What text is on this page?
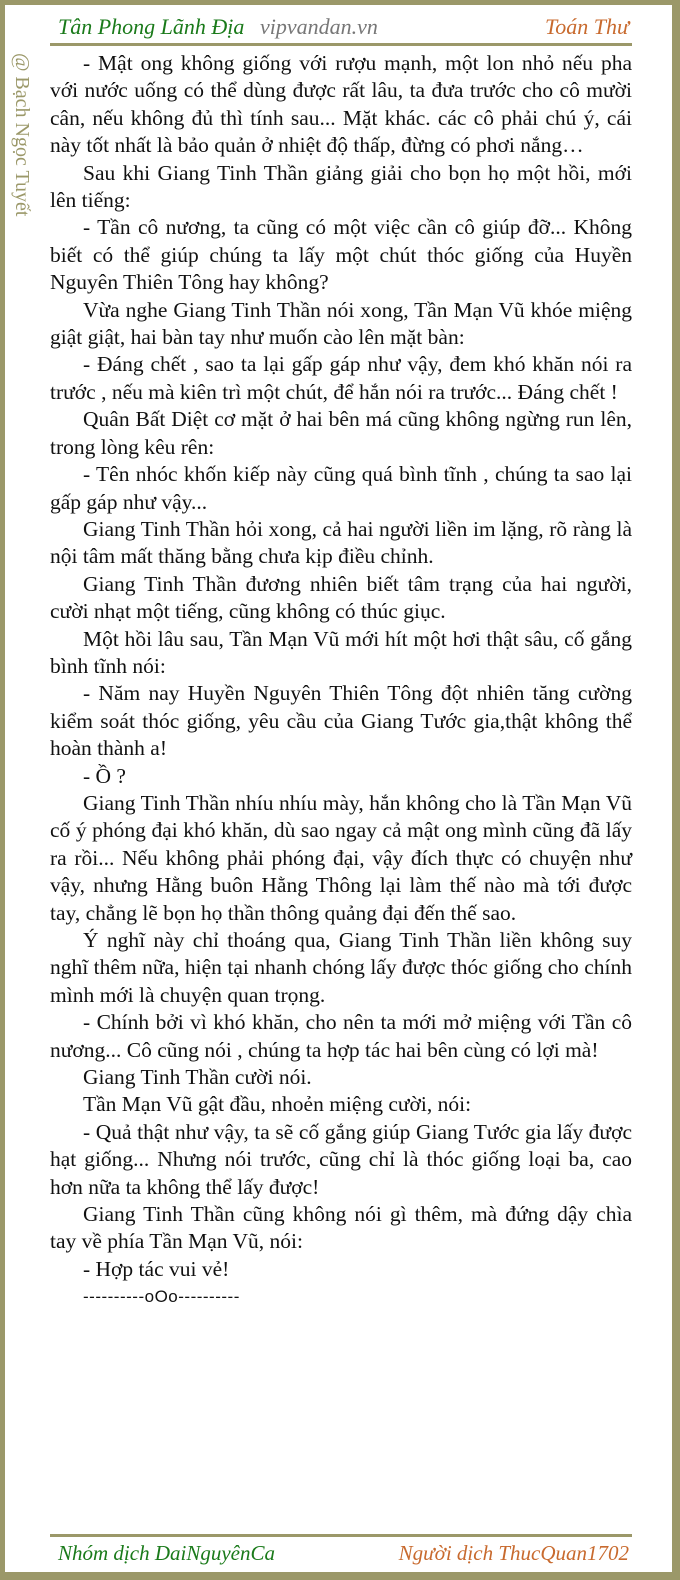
Tân Phong Lãnh Địa vipvandan.vn	Toán Thư
@ Bạch Ngọc Tuyết	- Mật ong không giống với rượu mạnh, một lon nhỏ nếu pha với nước uống có thể dùng được rất lâu, ta đưa trước cho cô mười cân, nếu không đủ thì tính sau... Mặt khác. các cô phải chú ý, cái này tốt nhất là bảo quản ở nhiệt độ thấp, đừng có phơi nắng…

Sau khi Giang Tinh Thần giảng giải cho bọn họ một hồi, mới lên tiếng:

- Tần cô nương, ta cũng có một việc cần cô giúp đỡ... Không biết có thể giúp chúng ta lấy một chút thóc giống của Huyền Nguyên Thiên Tông hay không?

Vừa nghe Giang Tinh Thần nói xong, Tần Mạn Vũ khóe miệng giật giật, hai bàn tay như muốn cào lên mặt bàn:

- Đáng chết , sao ta lại gấp gáp như vậy, đem khó khăn nói ra trước , nếu mà kiên trì một chút, để hắn nói ra trước... Đáng chết !

Quân Bất Diệt cơ mặt ở hai bên má cũng không ngừng run lên, trong lòng kêu rên:

- Tên nhóc khốn kiếp này cũng quá bình tĩnh , chúng ta sao lại gấp gáp như vậy...

Giang Tinh Thần hỏi xong, cả hai người liền im lặng, rõ ràng là nội tâm mất thăng bằng chưa kịp điều chỉnh.

Giang Tinh Thần đương nhiên biết tâm trạng của hai người, cười nhạt một tiếng, cũng không có thúc giục.

Một hồi lâu sau, Tần Mạn Vũ mới hít một hơi thật sâu, cố gắng bình tĩnh nói:

- Năm nay Huyền Nguyên Thiên Tông đột nhiên tăng cường kiểm soát thóc giống, yêu cầu của Giang Tước gia,thật không thể hoàn thành a!

- Ồ ?

Giang Tinh Thần nhíu nhíu mày, hắn không cho là Tần Mạn Vũ cố ý phóng đại khó khăn, dù sao ngay cả mật ong mình cũng đã lấy ra rồi... Nếu không phải phóng đại, vậy đích thực có chuyện như vậy, nhưng Hằng buôn Hằng Thông lại làm thế nào mà tới được tay, chẳng lẽ bọn họ thần thông quảng đại đến thế sao.

Ý nghĩ này chỉ thoáng qua, Giang Tinh Thần liền không suy nghĩ thêm nữa, hiện tại nhanh chóng lấy được thóc giống cho chính mình mới là chuyện quan trọng.

- Chính bởi vì khó khăn, cho nên ta mới mở miệng với Tần cô nương... Cô cũng nói , chúng ta hợp tác hai bên cùng có lợi mà!

Giang Tinh Thần cười nói.

Tần Mạn Vũ gật đầu, nhoẻn miệng cười, nói:

- Quả thật như vậy, ta sẽ cố gắng giúp Giang Tước gia lấy được hạt giống... Nhưng nói trước, cũng chỉ là thóc giống loại ba, cao hơn nữa ta không thể lấy được!

Giang Tinh Thần cũng không nói gì thêm, mà đứng dậy chìa tay về phía Tần Mạn Vũ, nói:

- Hợp tác vui vẻ!

----------oOo----------

Nhóm dịch DaiNguyênCa	Người dịch ThucQuan1702
